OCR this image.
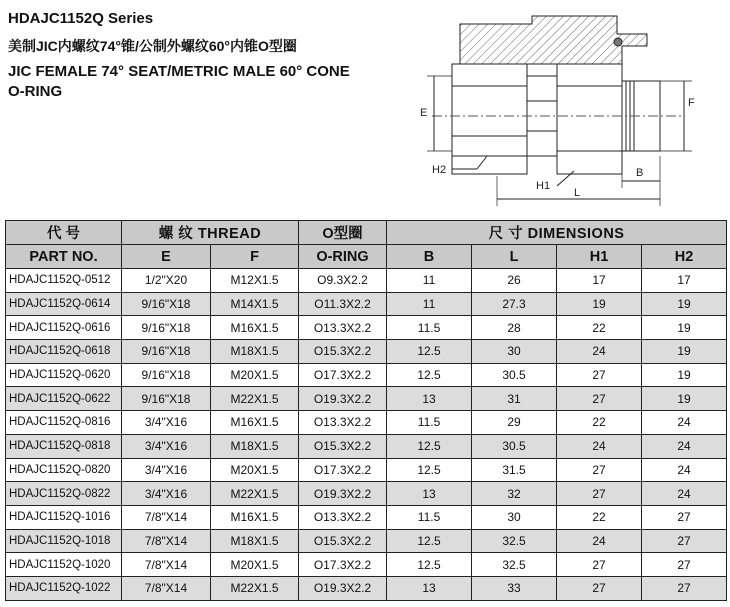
HDAJC1152Q Series

美制JIC内螺纹74°锥/公制外螺纹60°内锥O型圈

JIC FEMALE 74° SEAT/METRIC MALE 60° CONE

O-RING

E
F
B
L
H1
H2
代 号	螺 纹 THREAD		O型圈	尺 寸 DIMENSIONS			
PART NO.	E	F	O-RING	B	L	H1	H2
HDAJC1152Q-0512	1/2"X20	M12X1.5	O9.3X2.2	11	26	17	17
HDAJC1152Q-0614	9/16"X18	M14X1.5	O11.3X2.2	11	27.3	19	19
HDAJC1152Q-0616	9/16"X18	M16X1.5	O13.3X2.2	11.5	28	22	19
HDAJC1152Q-0618	9/16"X18	M18X1.5	O15.3X2.2	12.5	30	24	19
HDAJC1152Q-0620	9/16"X18	M20X1.5	O17.3X2.2	12.5	30.5	27	19
HDAJC1152Q-0622	9/16"X18	M22X1.5	O19.3X2.2	13	31	27	19
HDAJC1152Q-0816	3/4"X16	M16X1.5	O13.3X2.2	11.5	29	22	24
HDAJC1152Q-0818	3/4"X16	M18X1.5	O15.3X2.2	12.5	30.5	24	24
HDAJC1152Q-0820	3/4"X16	M20X1.5	O17.3X2.2	12.5	31.5	27	24
HDAJC1152Q-0822	3/4"X16	M22X1.5	O19.3X2.2	13	32	27	24
HDAJC1152Q-1016	7/8"X14	M16X1.5	O13.3X2.2	11.5	30	22	27
HDAJC1152Q-1018	7/8"X14	M18X1.5	O15.3X2.2	12.5	32.5	24	27
HDAJC1152Q-1020	7/8"X14	M20X1.5	O17.3X2.2	12.5	32.5	27	27
HDAJC1152Q-1022	7/8"X14	M22X1.5	O19.3X2.2	13	33	27	27
